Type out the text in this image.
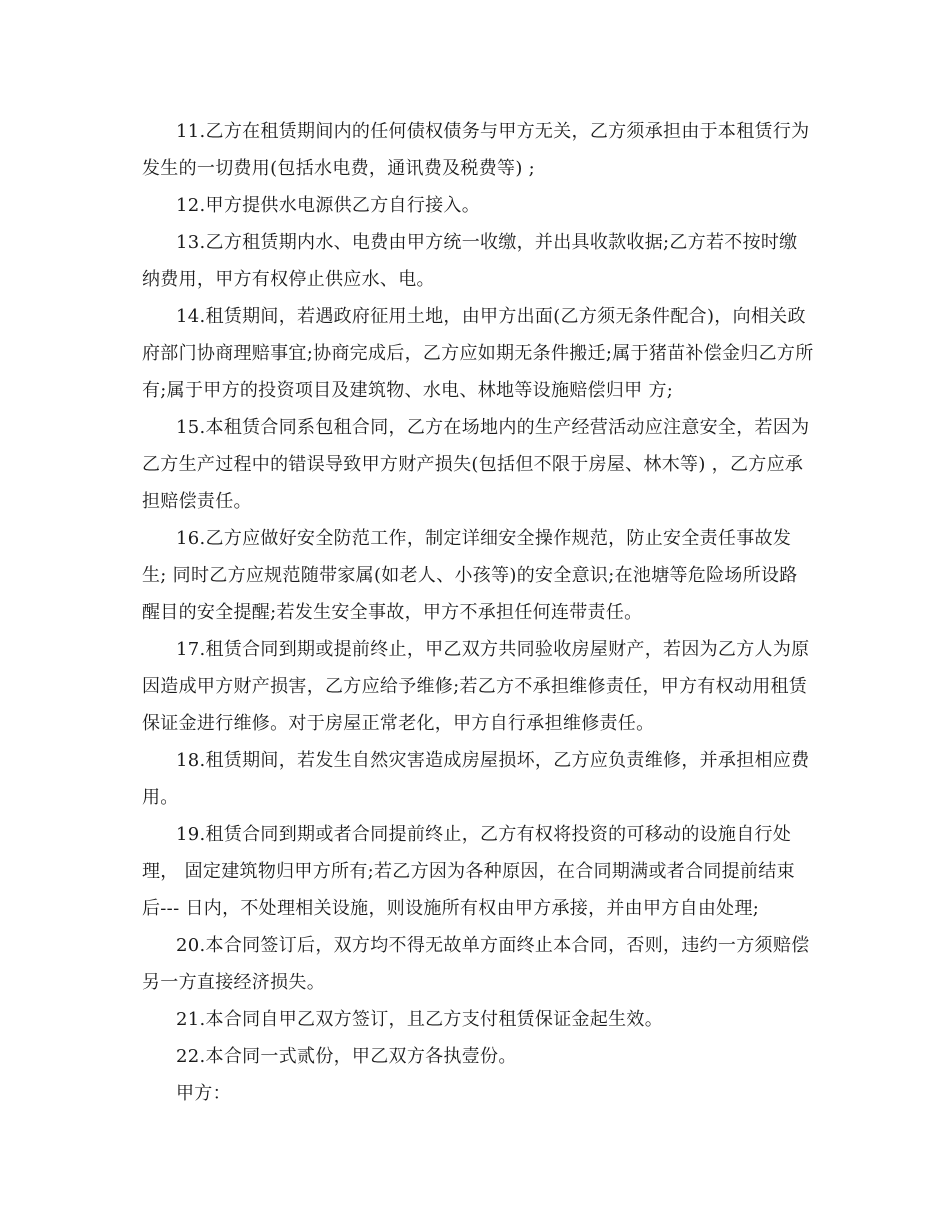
11.乙方在租赁期间内的任何债权债务与甲方无关，乙方须承担由于本租赁行为发生的一切费用(包括水电费，通讯费及税费等) ;

12.甲方提供水电源供乙方自行接入。

13.乙方租赁期内水、电费由甲方统一收缴，并出具收款收据;乙方若不按时缴纳费用，甲方有权停止供应水、电。

14.租赁期间，若遇政府征用土地，由甲方出面(乙方须无条件配合)，向相关政府部门协商理赔事宜;协商完成后，乙方应如期无条件搬迁;属于猪苗补偿金归乙方所有;属于甲方的投资项目及建筑物、水电、林地等设施赔偿归甲 方;

15.本租赁合同系包租合同，乙方在场地内的生产经营活动应注意安全，若因为乙方生产过程中的错误导致甲方财产损失(包括但不限于房屋、林木等) ，乙方应承担赔偿责任。

16.乙方应做好安全防范工作，制定详细安全操作规范，防止安全责任事故发生; 同时乙方应规范随带家属(如老人、小孩等)的安全意识;在池塘等危险场所设路醒目的安全提醒;若发生安全事故，甲方不承担任何连带责任。

17.租赁合同到期或提前终止，甲乙双方共同验收房屋财产，若因为乙方人为原因造成甲方财产损害，乙方应给予维修;若乙方不承担维修责任，甲方有权动用租赁保证金进行维修。对于房屋正常老化，甲方自行承担维修责任。

18.租赁期间，若发生自然灾害造成房屋损坏，乙方应负责维修，并承担相应费用。

19.租赁合同到期或者合同提前终止，乙方有权将投资的可移动的设施自行处理， 固定建筑物归甲方所有;若乙方因为各种原因，在合同期满或者合同提前结束后--- 日内，不处理相关设施，则设施所有权由甲方承接，并由甲方自由处理;

20.本合同签订后，双方均不得无故单方面终止本合同，否则，违约一方须赔偿 另一方直接经济损失。

21.本合同自甲乙双方签订，且乙方支付租赁保证金起生效。

22.本合同一式贰份，甲乙双方各执壹份。

甲方：
